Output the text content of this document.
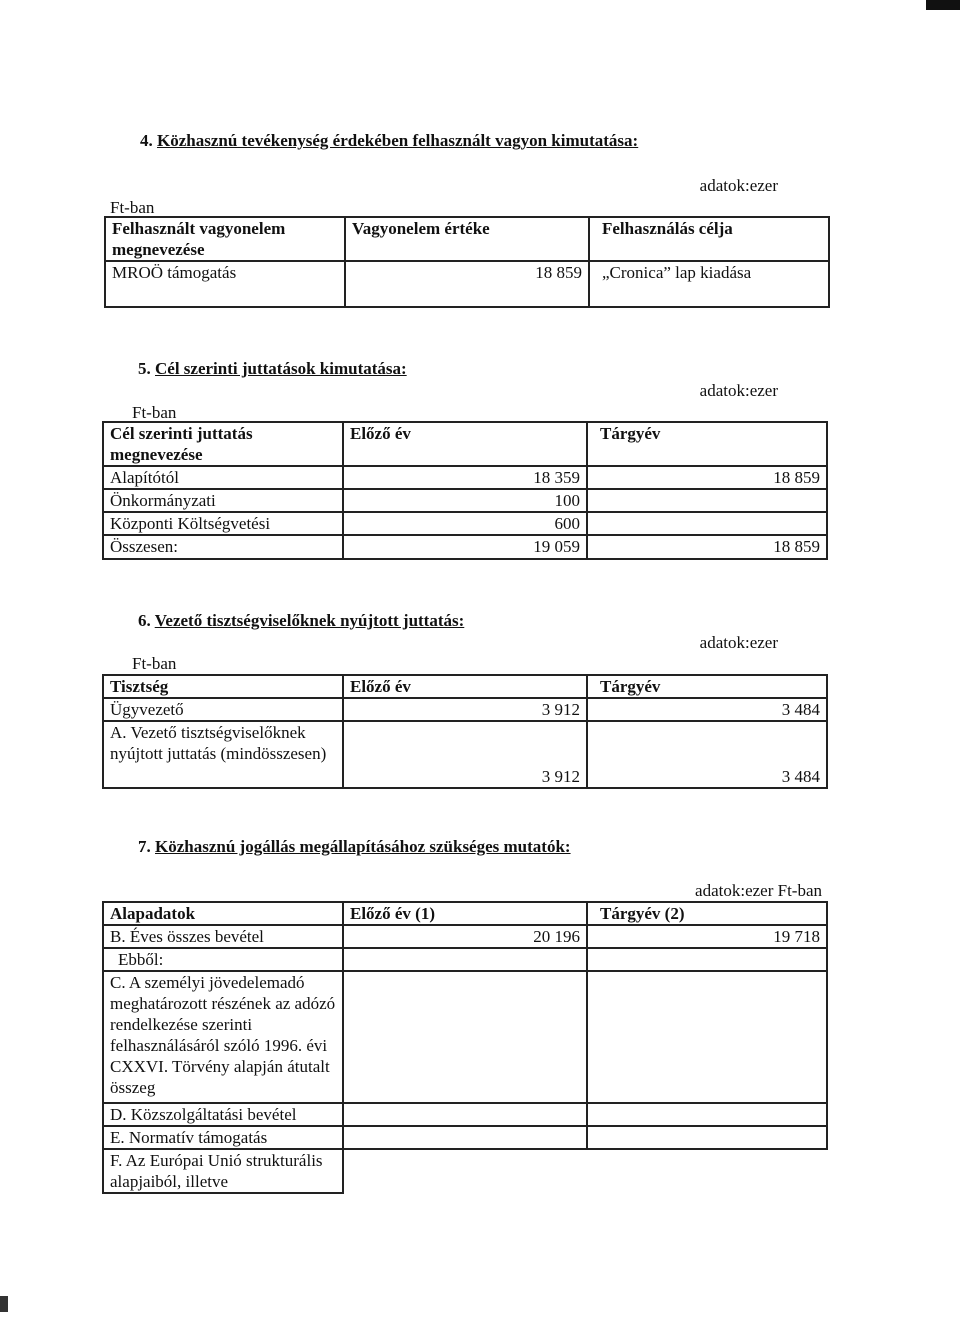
4. Közhasznú tevékenység érdekében felhasznált vagyon kimutatása:
adatok:ezer
Ft-ban
Felhasznált vagyonelem megnevezése	Vagyonelem értéke	Felhasználás célja
MROÖ támogatás	18 859	„Cronica” lap kiadása
5. Cél szerinti juttatások kimutatása:
adatok:ezer
Ft-ban
Cél szerinti juttatás megnevezése	Előző év	Tárgyév
Alapítótól	18 359	18 859
Önkormányzati	100	
Központi Költségvetési	600	
Összesen:	19 059	18 859
6. Vezető tisztségviselőknek nyújtott juttatás:
adatok:ezer
Ft-ban
Tisztség	Előző év	Tárgyév
Ügyvezető	3 912	3 484
A. Vezető tisztségviselőknek nyújtott juttatás (mindösszesen)	3 912	3 484
7. Közhasznú jogállás megállapításához szükséges mutatók:
adatok:ezer Ft-ban
Alapadatok	Előző év (1)	Tárgyév (2)
B. Éves összes bevétel	20 196	19 718
Ebből:		
C. A személyi jövedelemadó meghatározott részének az adózó rendelkezése szerinti felhasználásáról szóló 1996. évi CXXVI. Törvény alapján átutalt összeg		
D. Közszolgáltatási bevétel		
E. Normatív támogatás		
F. Az Európai Unió strukturális alapjaiból, illetve		
